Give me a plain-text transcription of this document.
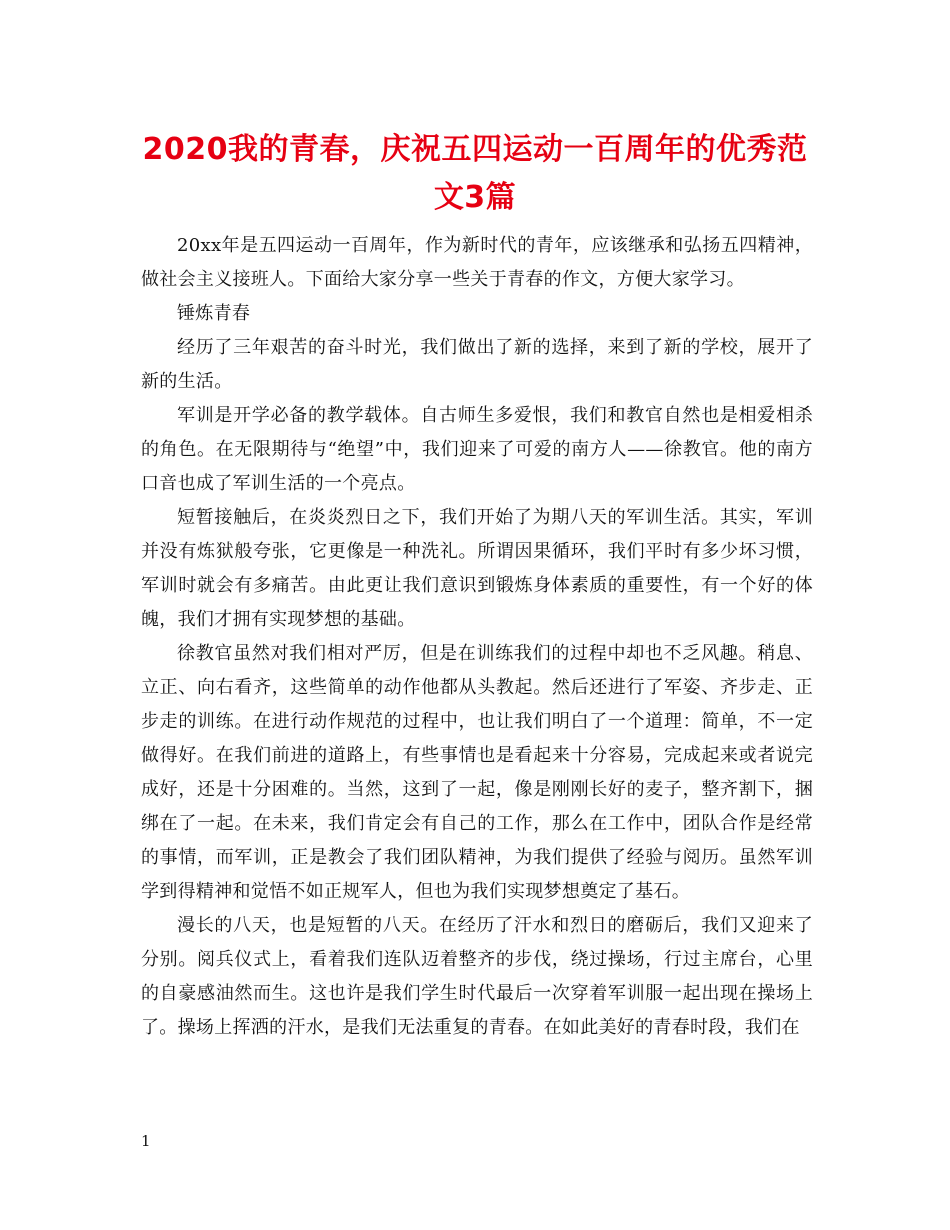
2020我的青春，庆祝五四运动一百周年的优秀范文3篇

20xx年是五四运动一百周年，作为新时代的青年，应该继承和弘扬五四精神，做社会主义接班人。下面给大家分享一些关于青春的作文，方便大家学习。

锤炼青春

经历了三年艰苦的奋斗时光，我们做出了新的选择，来到了新的学校，展开了新的生活。

军训是开学必备的教学载体。自古师生多爱恨，我们和教官自然也是相爱相杀的角色。在无限期待与“绝望”中，我们迎来了可爱的南方人——徐教官。他的南方口音也成了军训生活的一个亮点。

短暂接触后，在炎炎烈日之下，我们开始了为期八天的军训生活。其实，军训并没有炼狱般夸张，它更像是一种洗礼。所谓因果循环，我们平时有多少坏习惯，军训时就会有多痛苦。由此更让我们意识到锻炼身体素质的重要性，有一个好的体魄，我们才拥有实现梦想的基础。

徐教官虽然对我们相对严厉，但是在训练我们的过程中却也不乏风趣。稍息、立正、向右看齐，这些简单的动作他都从头教起。然后还进行了军姿、齐步走、正步走的训练。在进行动作规范的过程中，也让我们明白了一个道理：简单，不一定做得好。在我们前进的道路上，有些事情也是看起来十分容易，完成起来或者说完成好，还是十分困难的。当然，这到了一起，像是刚刚长好的麦子，整齐割下，捆绑在了一起。在未来，我们肯定会有自己的工作，那么在工作中，团队合作是经常的事情，而军训，正是教会了我们团队精神，为我们提供了经验与阅历。虽然军训学到得精神和觉悟不如正规军人，但也为我们实现梦想奠定了基石。

漫长的八天，也是短暂的八天。在经历了汗水和烈日的磨砺后，我们又迎来了分别。阅兵仪式上，看着我们连队迈着整齐的步伐，绕过操场，行过主席台，心里的自豪感油然而生。这也许是我们学生时代最后一次穿着军训服一起出现在操场上了。操场上挥洒的汗水，是我们无法重复的青春。在如此美好的青春时段，我们在

1
